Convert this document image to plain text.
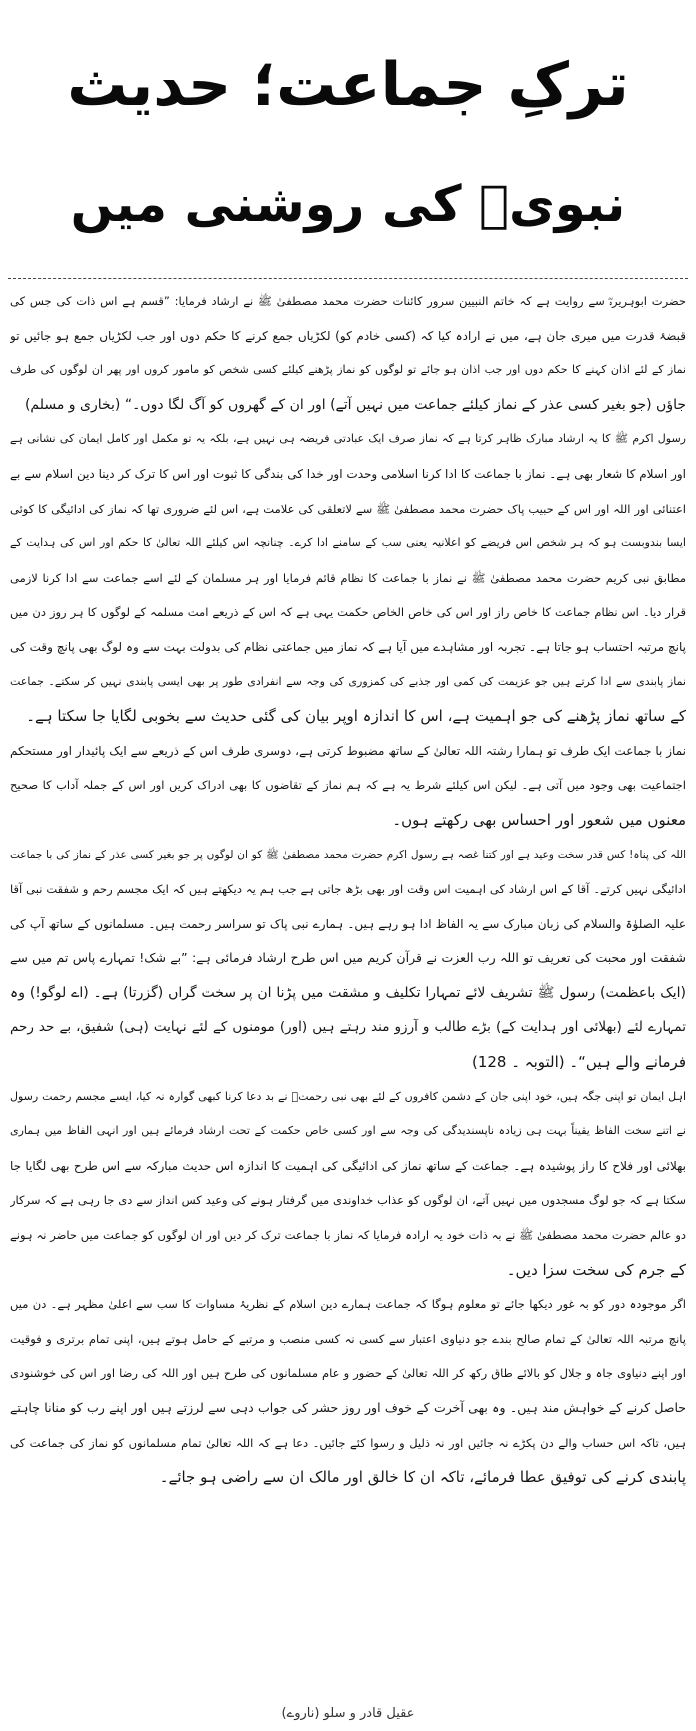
ترکِ جماعت؛ حدیث
نبویؐ کی روشنی میں
حضرت ابوہریرہؓ سے روایت ہے کہ خاتم النبیین سرور کائنات حضرت محمد مصطفیٰ ﷺ نے ارشاد فرمایا: ”قسم ہے اس ذات کی جس کی
قبضۂ قدرت میں میری جان ہے، میں نے ارادہ کیا کہ (کسی خادم کو) لکڑیاں جمع کرنے کا حکم دوں اور جب لکڑیاں جمع ہو جائیں تو
نماز کے لئے اذان کہنے کا حکم دوں اور جب اذان ہو جائے تو لوگوں کو نماز پڑھنے کیلئے کسی شخص کو مامور کروں اور پھر ان لوگوں کی طرف
جاؤں (جو بغیر کسی عذر کے نماز کیلئے جماعت میں نہیں آتے) اور ان کے گھروں کو آگ لگا دوں۔“ (بخاری و مسلم)
رسول اکرم ﷺ کا یہ ارشاد مبارک ظاہر کرتا ہے کہ نماز صرف ایک عبادتی فریضہ ہی نہیں ہے، بلکہ یہ تو مکمل اور کامل ایمان کی نشانی ہے
اور اسلام کا شعار بھی ہے۔ نماز با جماعت کا ادا کرنا اسلامی وحدت اور خدا کی بندگی کا ثبوت اور اس کا ترک کر دینا دین اسلام سے بے
اعتنائی اور اللہ اور اس کے حبیب پاک حضرت محمد مصطفیٰ ﷺ سے لاتعلقی کی علامت ہے، اس لئے ضروری تھا کہ نماز کی ادائیگی کا کوئی
ایسا بندوبست ہو کہ ہر شخص اس فریضے کو اعلانیہ یعنی سب کے سامنے ادا کرے۔ چنانچہ اس کیلئے اللہ تعالیٰ کا حکم اور اس کی ہدایت کے
مطابق نبی کریم حضرت محمد مصطفیٰ ﷺ نے نماز با جماعت کا نظام قائم فرمایا اور ہر مسلمان کے لئے اسے جماعت سے ادا کرنا لازمی
قرار دیا۔ اس نظام جماعت کا خاص راز اور اس کی خاص الخاص حکمت یہی ہے کہ اس کے ذریعے امت مسلمہ کے لوگوں کا ہر روز دن میں
پانچ مرتبہ احتساب ہو جاتا ہے۔ تجربہ اور مشاہدے میں آیا ہے کہ نماز میں جماعتی نظام کی بدولت بہت سے وہ لوگ بھی پانچ وقت کی
نماز پابندی سے ادا کرتے ہیں جو عزیمت کی کمی اور جذبے کی کمزوری کی وجہ سے انفرادی طور پر بھی ایسی پابندی نہیں کر سکتے۔ جماعت
کے ساتھ نماز پڑھنے کی جو اہمیت ہے، اس کا اندازہ اوپر بیان کی گئی حدیث سے بخوبی لگایا جا سکتا ہے۔
نماز با جماعت ایک طرف تو ہمارا رشتہ اللہ تعالیٰ کے ساتھ مضبوط کرتی ہے، دوسری طرف اس کے ذریعے سے ایک پائیدار اور مستحکم
اجتماعیت بھی وجود میں آتی ہے۔ لیکن اس کیلئے شرط یہ ہے کہ ہم نماز کے تقاضوں کا بھی ادراک کریں اور اس کے جملہ آداب کا صحیح
معنوں میں شعور اور احساس بھی رکھتے ہوں۔
اللہ کی پناہ! کس قدر سخت وعید ہے اور کتنا غصہ ہے رسول اکرم حضرت محمد مصطفیٰ ﷺ کو ان لوگوں پر جو بغیر کسی عذر کے نماز کی با جماعت
ادائیگی نہیں کرتے۔ آقا کے اس ارشاد کی اہمیت اس وقت اور بھی بڑھ جاتی ہے جب ہم یہ دیکھتے ہیں کہ ایک مجسم رحم و شفقت نبی آقا
علیہ الصلوٰۃ والسلام کی زبان مبارک سے یہ الفاظ ادا ہو رہے ہیں۔ ہمارے نبی پاک تو سراسر رحمت ہیں۔ مسلمانوں کے ساتھ آپ کی
شفقت اور محبت کی تعریف تو اللہ رب العزت نے قرآن کریم میں اس طرح ارشاد فرمائی ہے: ”بے شک! تمہارے پاس تم میں سے
(ایک باعظمت) رسول ﷺ تشریف لائے تمہارا تکلیف و مشقت میں پڑنا ان پر سخت گراں (گزرتا) ہے۔ (اے لوگو!) وہ
تمہارے لئے (بھلائی اور ہدایت کے) بڑے طالب و آرزو مند رہتے ہیں (اور) مومنوں کے لئے نہایت (ہی) شفیق، بے حد رحم
فرمانے والے ہیں“۔ (التوبہ ۔ 128)
اہل ایمان تو اپنی جگہ ہیں، خود اپنی جان کے دشمن کافروں کے لئے بھی نبی رحمتؐ نے بد دعا کرنا کبھی گوارہ نہ کیا، ایسے مجسم رحمت رسول
نے اتنے سخت الفاظ یقیناً بہت ہی زیادہ ناپسندیدگی کی وجہ سے اور کسی خاص حکمت کے تحت ارشاد فرمائے ہیں اور انہی الفاظ میں ہماری
بھلائی اور فلاح کا راز پوشیدہ ہے۔ جماعت کے ساتھ نماز کی ادائیگی کی اہمیت کا اندازہ اس حدیث مبارکہ سے اس طرح بھی لگایا جا
سکتا ہے کہ جو لوگ مسجدوں میں نہیں آتے، ان لوگوں کو عذاب خداوندی میں گرفتار ہونے کی وعید کس انداز سے دی جا رہی ہے کہ سرکار
دو عالم حضرت محمد مصطفیٰ ﷺ نے بہ ذات خود یہ ارادہ فرمایا کہ نماز با جماعت ترک کر دیں اور ان لوگوں کو جماعت میں حاضر نہ ہونے
کے جرم کی سخت سزا دیں۔
اگر موجودہ دور کو بہ غور دیکھا جائے تو معلوم ہوگا کہ جماعت ہمارے دین اسلام کے نظریۂ مساوات کا سب سے اعلیٰ مظہر ہے۔ دن میں
پانچ مرتبہ اللہ تعالیٰ کے تمام صالح بندے جو دنیاوی اعتبار سے کسی نہ کسی منصب و مرتبے کے حامل ہوتے ہیں، اپنی تمام برتری و فوقیت
اور اپنے دنیاوی جاہ و جلال کو بالائے طاق رکھ کر اللہ تعالیٰ کے حضور و عام مسلمانوں کی طرح ہیں اور اللہ کی رضا اور اس کی خوشنودی
حاصل کرنے کے خواہش مند ہیں۔ وہ بھی آخرت کے خوف اور روز حشر کی جواب دہی سے لرزتے ہیں اور اپنے رب کو منانا چاہتے
ہیں، تاکہ اس حساب والے دن پکڑے نہ جائیں اور نہ ذلیل و رسوا کئے جائیں۔ دعا ہے کہ اللہ تعالیٰ تمام مسلمانوں کو نماز کی جماعت کی
پابندی کرنے کی توفیق عطا فرمائے، تاکہ ان کا خالق اور مالک ان سے راضی ہو جائے۔
عقیل قادر و سلو (ناروے)
